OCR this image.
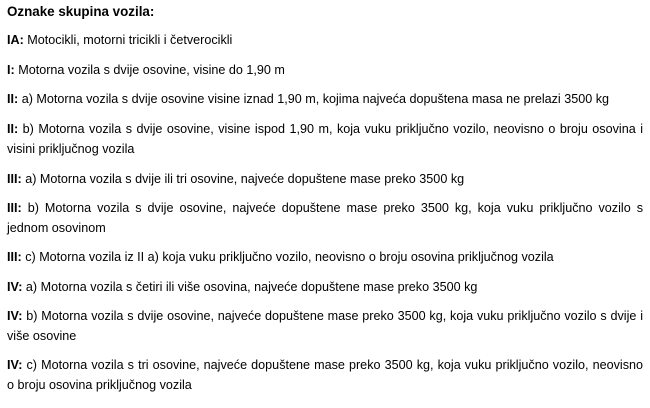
Oznake skupina vozila:

IA: Motocikli, motorni tricikli i četverocikli

I: Motorna vozila s dvije osovine, visine do 1,90 m

II: a) Motorna vozila s dvije osovine visine iznad 1,90 m, kojima najveća dopuštena masa ne prelazi 3500 kg

II: b) Motorna vozila s dvije osovine, visine ispod 1,90 m, koja vuku priključno vozilo, neovisno o broju osovina i visini priključnog vozila

III: a) Motorna vozila s dvije ili tri osovine, najveće dopuštene mase preko 3500 kg

III: b) Motorna vozila s dvije osovine, najveće dopuštene mase preko 3500 kg, koja vuku priključno vozilo s jednom osovinom

III: c) Motorna vozila iz II a) koja vuku priključno vozilo, neovisno o broju osovina priključnog vozila

IV: a) Motorna vozila s četiri ili više osovina, najveće dopuštene mase preko 3500 kg

IV: b) Motorna vozila s dvije osovine, najveće dopuštene mase preko 3500 kg, koja vuku priključno vozilo s dvije i više osovine

IV: c) Motorna vozila s tri osovine, najveće dopuštene mase preko 3500 kg, koja vuku priključno vozilo, neovisno o broju osovina priključnog vozila
